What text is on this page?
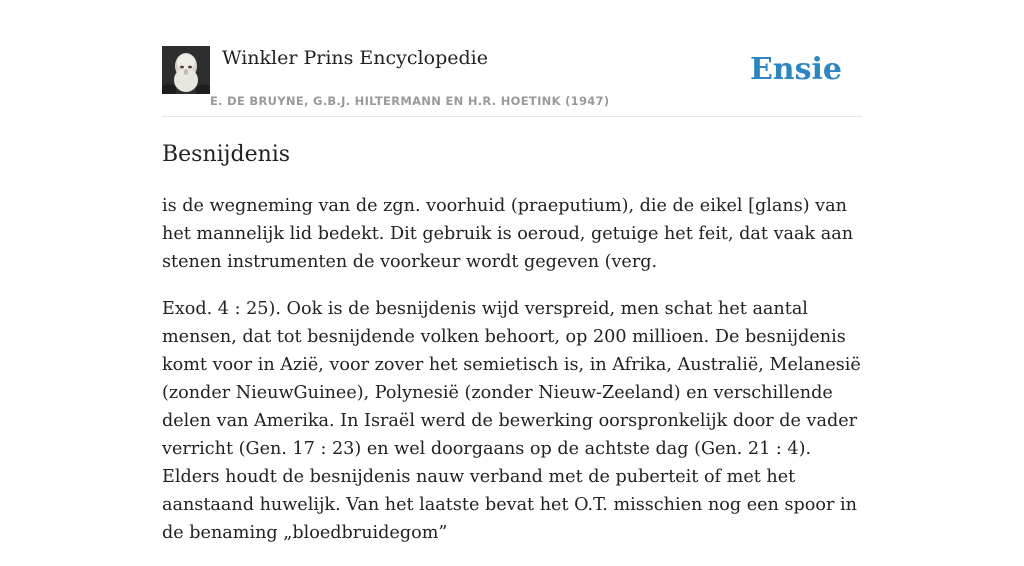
Winkler Prins Encyclopedie
E. DE BRUYNE, G.B.J. HILTERMANN EN H.R. HOETINK (1947)
Ensie
Besnijdenis

is de wegneming van de zgn. voorhuid (praeputium), die de eikel [glans) van het mannelijk lid bedekt. Dit gebruik is oeroud, getuige het feit, dat vaak aan stenen instrumenten de voorkeur wordt gegeven (verg.

Exod. 4 : 25). Ook is de besnijdenis wijd verspreid, men schat het aantal mensen, dat tot besnijdende volken behoort, op 200 millioen. De besnijdenis komt voor in Azië, voor zover het semietisch is, in Afrika, Australië, Melanesië (zonder NieuwGuinee), Polynesië (zonder Nieuw-Zeeland) en verschillende delen van Amerika. In Israël werd de bewerking oorspronkelijk door de vader verricht (Gen. 17 : 23) en wel doorgaans op de achtste dag (Gen. 21 : 4). Elders houdt de besnijdenis nauw verband met de puberteit of met het aanstaand huwelijk. Van het laatste bevat het O.T. misschien nog een spoor in de benaming „bloedbruidegom”
